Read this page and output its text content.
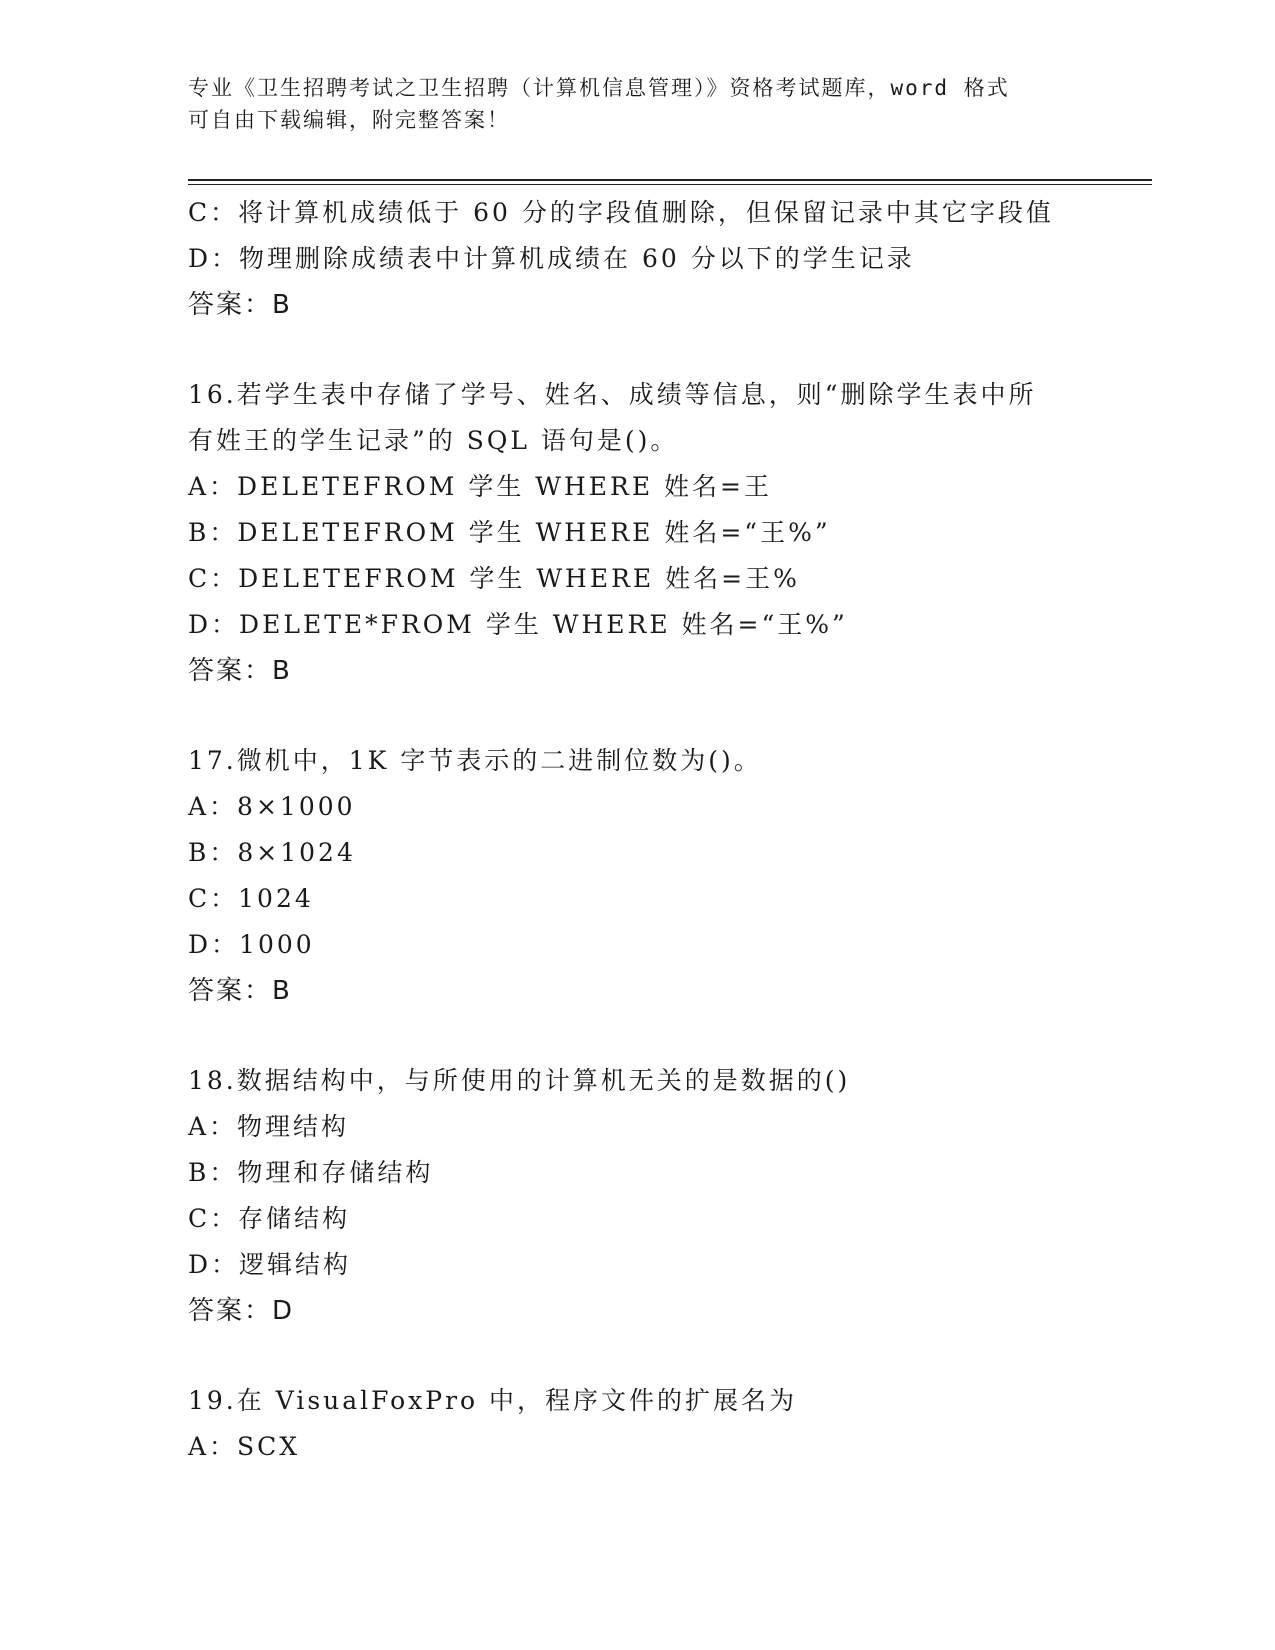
专业《卫生招聘考试之卫生招聘（计算机信息管理）》资格考试题库，word 格式
可自由下载编辑，附完整答案！
C：将计算机成绩低于 60 分的字段值删除，但保留记录中其它字段值
D：物理删除成绩表中计算机成绩在 60 分以下的学生记录
答案：B
16.若学生表中存储了学号、姓名、成绩等信息，则“删除学生表中所
有姓王的学生记录”的 SQL 语句是()。
A：DELETEFROM 学生 WHERE 姓名=王
B：DELETEFROM 学生 WHERE 姓名=“王%”
C：DELETEFROM 学生 WHERE 姓名=王%
D：DELETE*FROM 学生 WHERE 姓名=“王%”
答案：B
17.微机中，1K 字节表示的二进制位数为()。
A：8×1000
B：8×1024
C：1024
D：1000
答案：B
18.数据结构中，与所使用的计算机无关的是数据的()
A：物理结构
B：物理和存储结构
C：存储结构
D：逻辑结构
答案：D
19.在 VisualFoxPro 中，程序文件的扩展名为
A：SCX
